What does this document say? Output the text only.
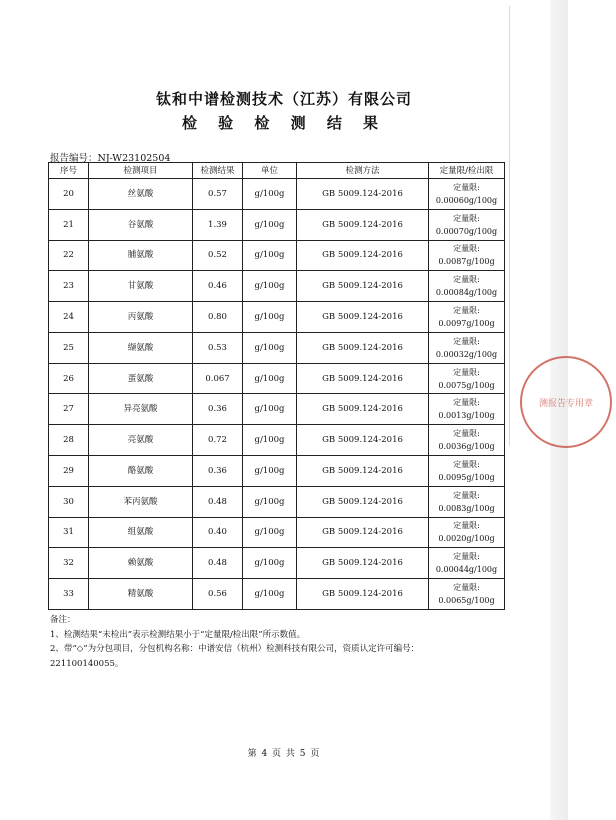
钛和中谱检测技术（江苏）有限公司
检 验 检 测 结 果
报告编号：NJ-W23102504
序号	检测项目	检测结果	单位	检测方法	定量限/检出限
20	丝氨酸	0.57	g/100g	GB 5009.124-2016	定量限:
0.00060g/100g

21	谷氨酸	1.39	g/100g	GB 5009.124-2016	定量限:
0.00070g/100g

22	脯氨酸	0.52	g/100g	GB 5009.124-2016	定量限:
0.0087g/100g

23	甘氨酸	0.46	g/100g	GB 5009.124-2016	定量限:
0.00084g/100g

24	丙氨酸	0.80	g/100g	GB 5009.124-2016	定量限:
0.0097g/100g

25	缬氨酸	0.53	g/100g	GB 5009.124-2016	定量限:
0.00032g/100g

26	蛋氨酸	0.067	g/100g	GB 5009.124-2016	定量限:
0.0075g/100g

27	异亮氨酸	0.36	g/100g	GB 5009.124-2016	定量限:
0.0013g/100g

28	亮氨酸	0.72	g/100g	GB 5009.124-2016	定量限:
0.0036g/100g

29	酪氨酸	0.36	g/100g	GB 5009.124-2016	定量限:
0.0095g/100g

30	苯丙氨酸	0.48	g/100g	GB 5009.124-2016	定量限:
0.0083g/100g

31	组氨酸	0.40	g/100g	GB 5009.124-2016	定量限:
0.0020g/100g

32	赖氨酸	0.48	g/100g	GB 5009.124-2016	定量限:
0.00044g/100g

33	精氨酸	0.56	g/100g	GB 5009.124-2016	定量限:
0.0065g/100g
备注：
1、检测结果“未检出”表示检测结果小于“定量限/检出限”所示数值。
2、带“◇”为分包项目，分包机构名称：中谱安信（杭州）检测科技有限公司，资质认定许可编号：
221100140055。
第 4 页 共 5 页
测报告专用章
